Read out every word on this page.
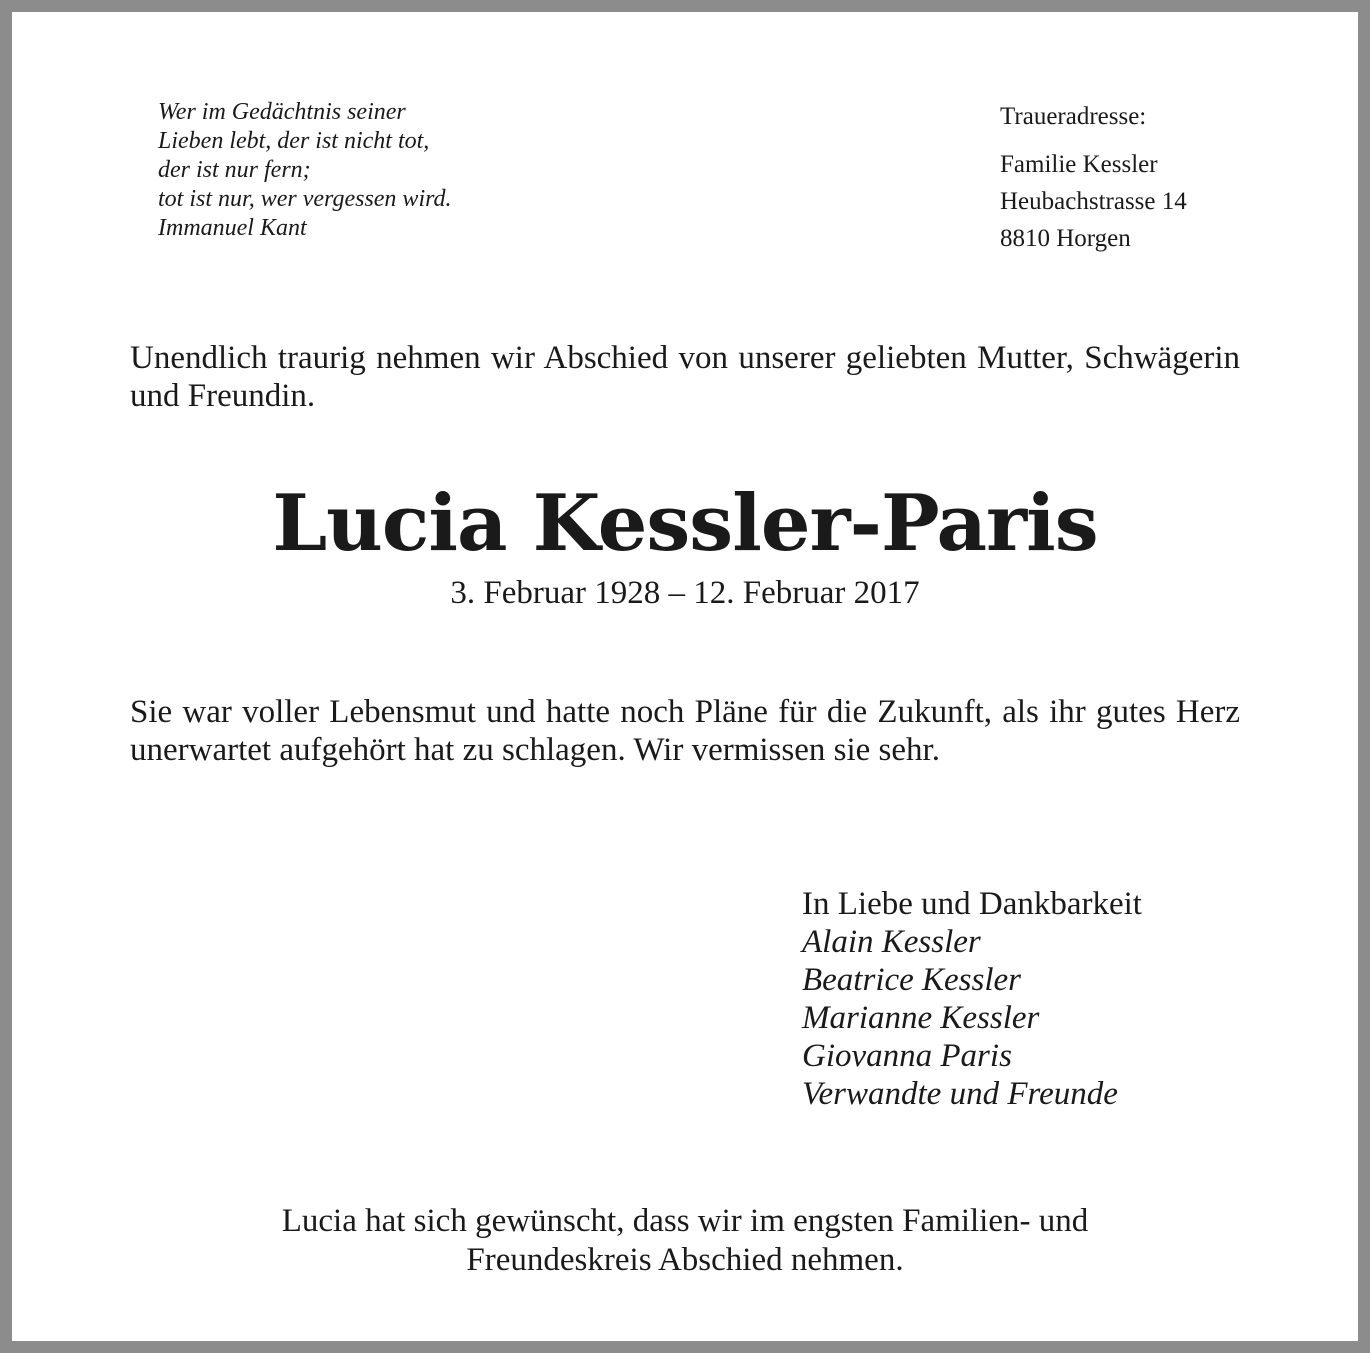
Wer im Gedächtnis seiner
Lieben lebt, der ist nicht tot,
der ist nur fern;
tot ist nur, wer vergessen wird.
Immanuel Kant
Traueradresse:
Familie Kessler
Heubachstrasse 14
8810 Horgen
Unendlich traurig nehmen wir Abschied von unserer geliebten Mutter, Schwägerin und Freundin.
Lucia Kessler-Paris
3. Februar 1928 – 12. Februar 2017
Sie war voller Lebensmut und hatte noch Pläne für die Zukunft, als ihr gutes Herz unerwartet aufgehört hat zu schlagen. Wir vermissen sie sehr.
In Liebe und Dankbarkeit
Alain Kessler
Beatrice Kessler
Marianne Kessler
Giovanna Paris
Verwandte und Freunde
Lucia hat sich gewünscht, dass wir im engsten Familien- und
Freundeskreis Abschied nehmen.
